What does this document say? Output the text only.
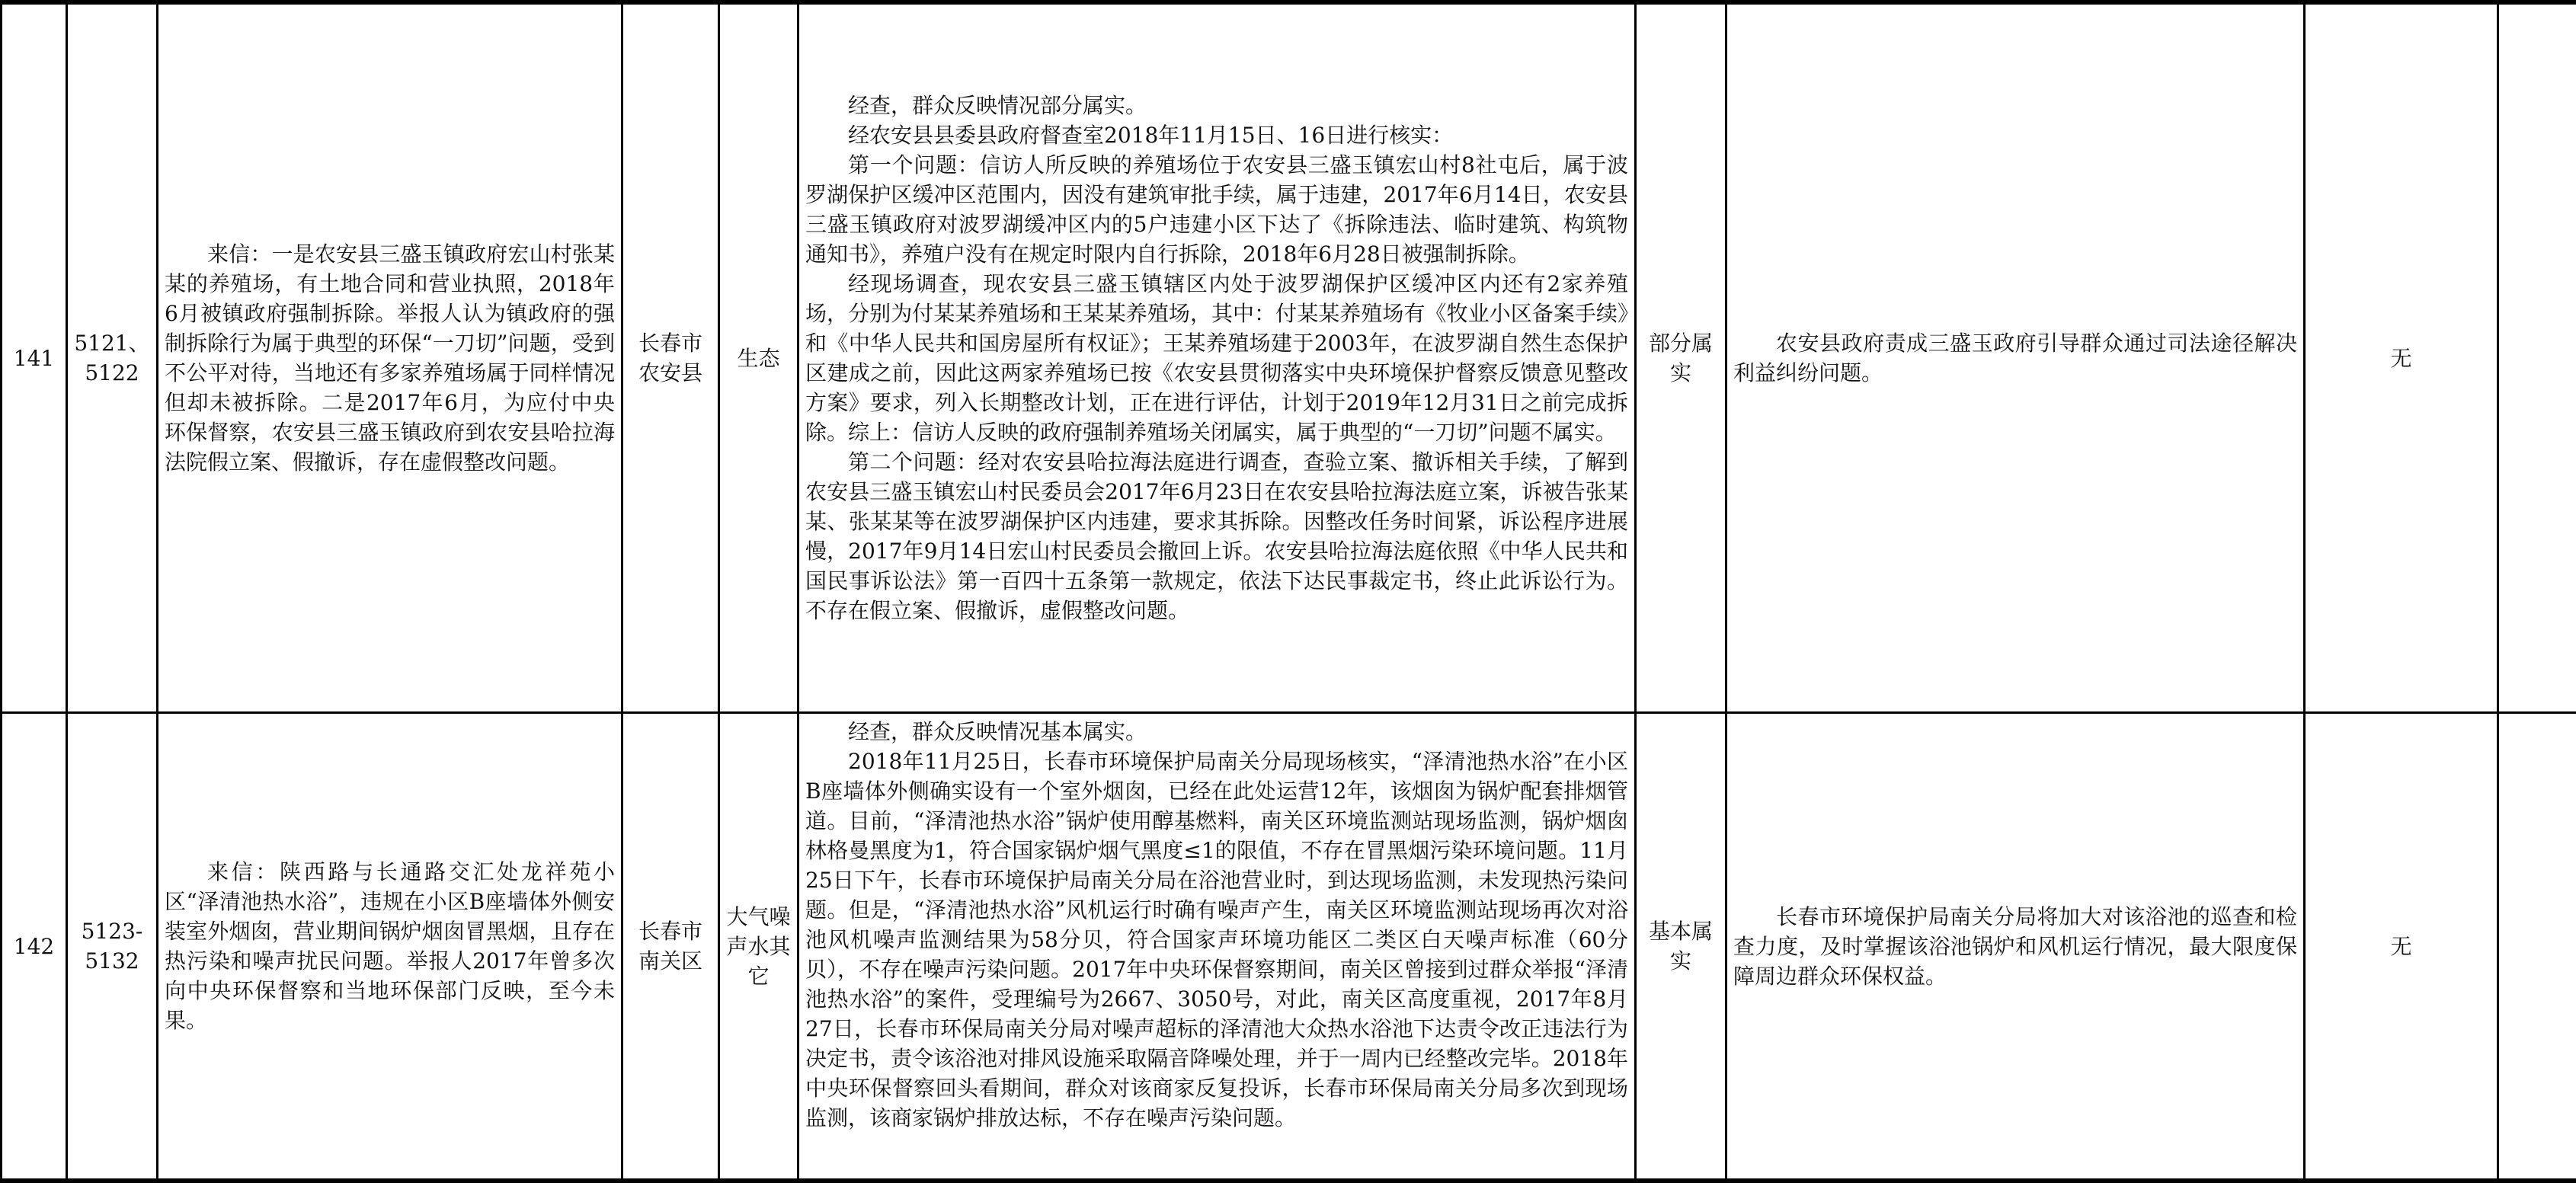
141	5121、5122	来信：一是农安县三盛玉镇政府宏山村张某某的养殖场，有土地合同和营业执照，2018年6月被镇政府强制拆除。举报人认为镇政府的强制拆除行为属于典型的环保“一刀切”问题，受到不公平对待，当地还有多家养殖场属于同样情况但却未被拆除。二是2017年6月，为应付中央环保督察，农安县三盛玉镇政府到农安县哈拉海法院假立案、假撤诉，存在虚假整改问题。	长春市农安县	生态	经查，群众反映情况部分属实。

经农安县县委县政府督查室2018年11月15日、16日进行核实：

第一个问题：信访人所反映的养殖场位于农安县三盛玉镇宏山村8社屯后，属于波罗湖保护区缓冲区范围内，因没有建筑审批手续，属于违建，2017年6月14日，农安县三盛玉镇政府对波罗湖缓冲区内的5户违建小区下达了《拆除违法、临时建筑、构筑物通知书》，养殖户没有在规定时限内自行拆除，2018年6月28日被强制拆除。

经现场调查，现农安县三盛玉镇辖区内处于波罗湖保护区缓冲区内还有2家养殖场，分别为付某某养殖场和王某某养殖场，其中：付某某养殖场有《牧业小区备案手续》和《中华人民共和国房屋所有权证》；王某养殖场建于2003年，在波罗湖自然生态保护区建成之前，因此这两家养殖场已按《农安县贯彻落实中央环境保护督察反馈意见整改方案》要求，列入长期整改计划，正在进行评估，计划于2019年12月31日之前完成拆除。综上：信访人反映的政府强制养殖场关闭属实，属于典型的“一刀切”问题不属实。

第二个问题：经对农安县哈拉海法庭进行调查，查验立案、撤诉相关手续，了解到农安县三盛玉镇宏山村民委员会2017年6月23日在农安县哈拉海法庭立案，诉被告张某某、张某某等在波罗湖保护区内违建，要求其拆除。因整改任务时间紧，诉讼程序进展慢，2017年9月14日宏山村民委员会撤回上诉。农安县哈拉海法庭依照《中华人民共和国民事诉讼法》第一百四十五条第一款规定，依法下达民事裁定书，终止此诉讼行为。不存在假立案、假撤诉，虚假整改问题。	部分属实	农安县政府责成三盛玉政府引导群众通过司法途径解决利益纠纷问题。	无	
142	5123-5132	来信：陕西路与长通路交汇处龙祥苑小区“泽清池热水浴”，违规在小区B座墙体外侧安装室外烟囱，营业期间锅炉烟囱冒黑烟，且存在热污染和噪声扰民问题。举报人2017年曾多次向中央环保督察和当地环保部门反映，至今未果。	长春市南关区	大气噪声水其它	经查，群众反映情况基本属实。

2018年11月25日，长春市环境保护局南关分局现场核实，“泽清池热水浴”在小区B座墙体外侧确实设有一个室外烟囱，已经在此处运营12年，该烟囱为锅炉配套排烟管道。目前，“泽清池热水浴”锅炉使用醇基燃料，南关区环境监测站现场监测，锅炉烟囱林格曼黑度为1，符合国家锅炉烟气黑度≤1的限值，不存在冒黑烟污染环境问题。11月25日下午，长春市环境保护局南关分局在浴池营业时，到达现场监测，未发现热污染问题。但是，“泽清池热水浴”风机运行时确有噪声产生，南关区环境监测站现场再次对浴池风机噪声监测结果为58分贝，符合国家声环境功能区二类区白天噪声标准（60分贝），不存在噪声污染问题。2017年中央环保督察期间，南关区曾接到过群众举报“泽清池热水浴”的案件，受理编号为2667、3050号，对此，南关区高度重视，2017年8月27日，长春市环保局南关分局对噪声超标的泽清池大众热水浴池下达责令改正违法行为决定书，责令该浴池对排风设施采取隔音降噪处理，并于一周内已经整改完毕。2018年中央环保督察回头看期间，群众对该商家反复投诉，长春市环保局南关分局多次到现场监测，该商家锅炉排放达标，不存在噪声污染问题。	基本属实	长春市环境保护局南关分局将加大对该浴池的巡查和检查力度，及时掌握该浴池锅炉和风机运行情况，最大限度保障周边群众环保权益。	无	
